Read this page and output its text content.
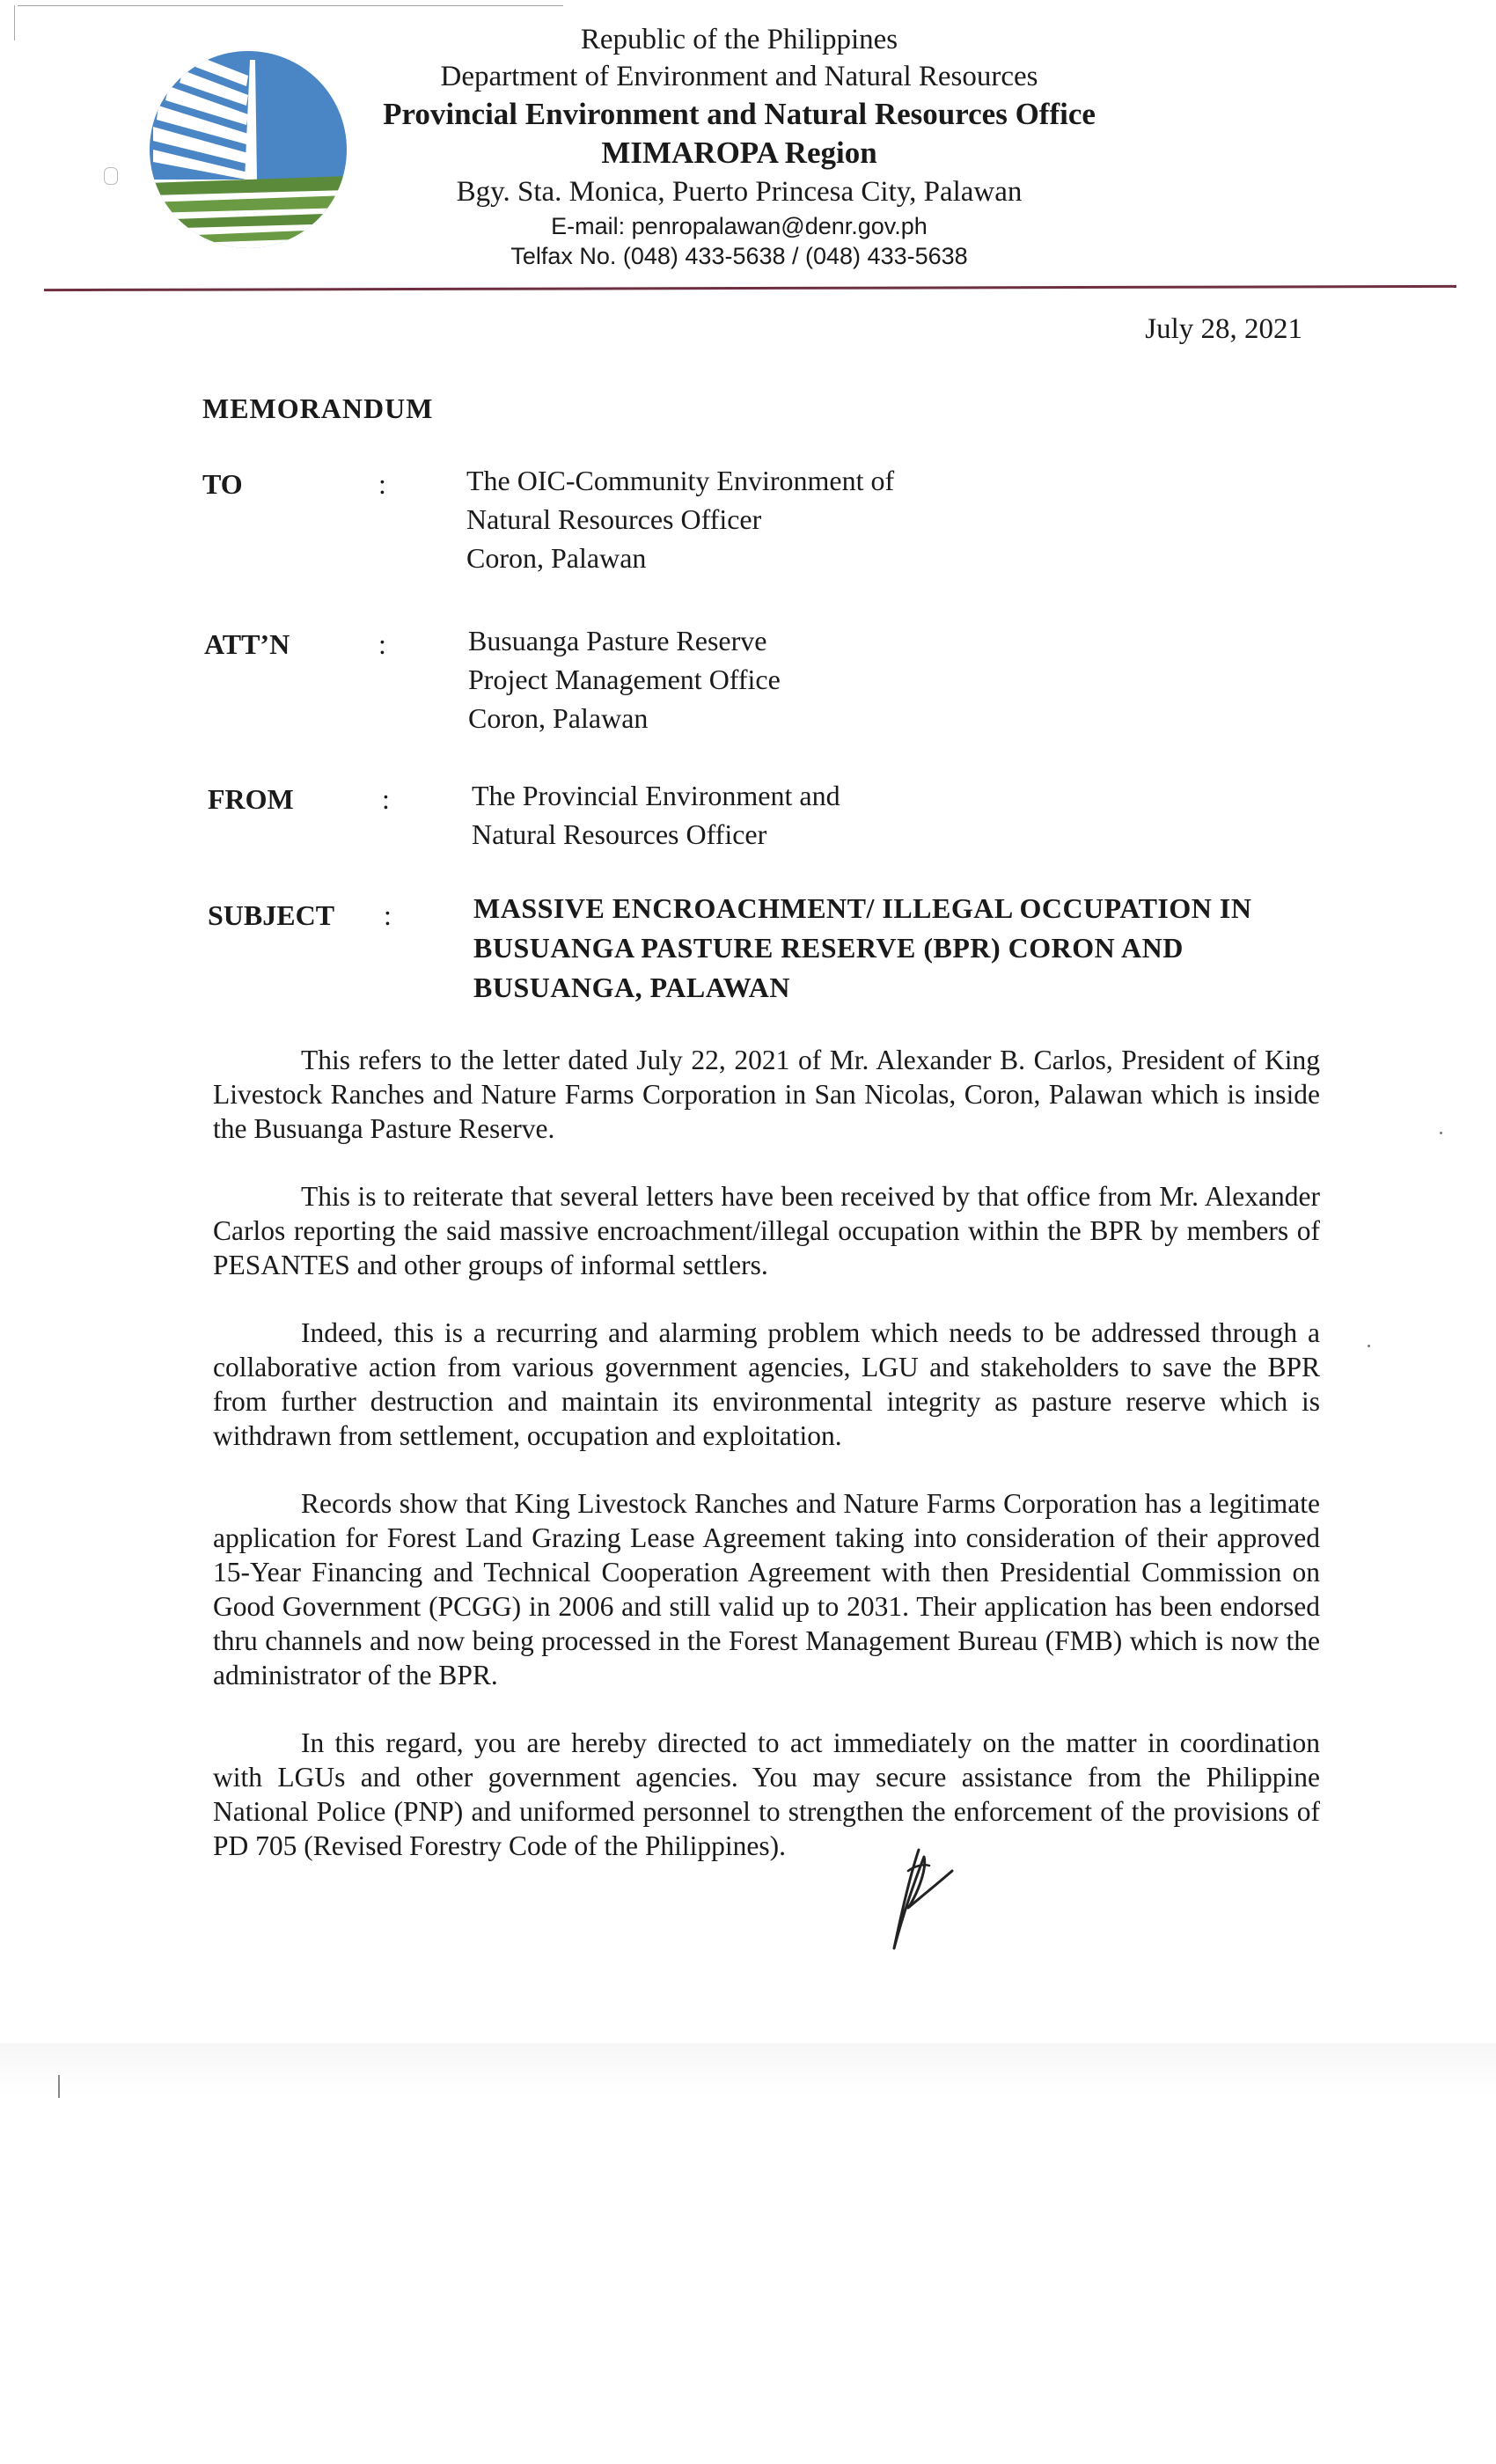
Republic of the Philippines
Department of Environment and Natural Resources
Provincial Environment and Natural Resources Office
MIMAROPA Region
Bgy. Sta. Monica, Puerto Princesa City, Palawan
E-mail: penropalawan@denr.gov.ph
Telfax No. (048) 433-5638 / (048) 433-5638
July 28, 2021
MEMORANDUM
TO	:	The OIC-Community Environment of
Natural Resources Officer
Coron, Palawan
ATT’N	:	Busuanga Pasture Reserve
Project Management Office
Coron, Palawan
FROM	:	The Provincial Environment and
Natural Resources Officer
SUBJECT :	MASSIVE ENCROACHMENT/ ILLEGAL OCCUPATION IN
BUSUANGA PASTURE RESERVE (BPR) CORON AND
BUSUANGA, PALAWAN

This refers to the letter dated July 22, 2021 of Mr. Alexander B. Carlos, President of King Livestock Ranches and Nature Farms Corporation in San Nicolas, Coron, Palawan which is inside the Busuanga Pasture Reserve.

This is to reiterate that several letters have been received by that office from Mr. Alexander Carlos reporting the said massive encroachment/illegal occupation within the BPR by members of PESANTES and other groups of informal settlers.

Indeed, this is a recurring and alarming problem which needs to be addressed through a collaborative action from various government agencies, LGU and stakeholders to save the BPR from further destruction and maintain its environmental integrity as pasture reserve which is withdrawn from settlement, occupation and exploitation.

Records show that King Livestock Ranches and Nature Farms Corporation has a legitimate application for Forest Land Grazing Lease Agreement taking into consideration of their approved 15-Year Financing and Technical Cooperation Agreement with then Presidential Commission on Good Government (PCGG) in 2006 and still valid up to 2031. Their application has been endorsed thru channels and now being processed in the Forest Management Bureau (FMB) which is now the administrator of the BPR.

In this regard, you are hereby directed to act immediately on the matter in coordination with LGUs and other government agencies. You may secure assistance from the Philippine National Police (PNP) and uniformed personnel to strengthen the enforcement of the provisions of PD 705 (Revised Forestry Code of the Philippines).
